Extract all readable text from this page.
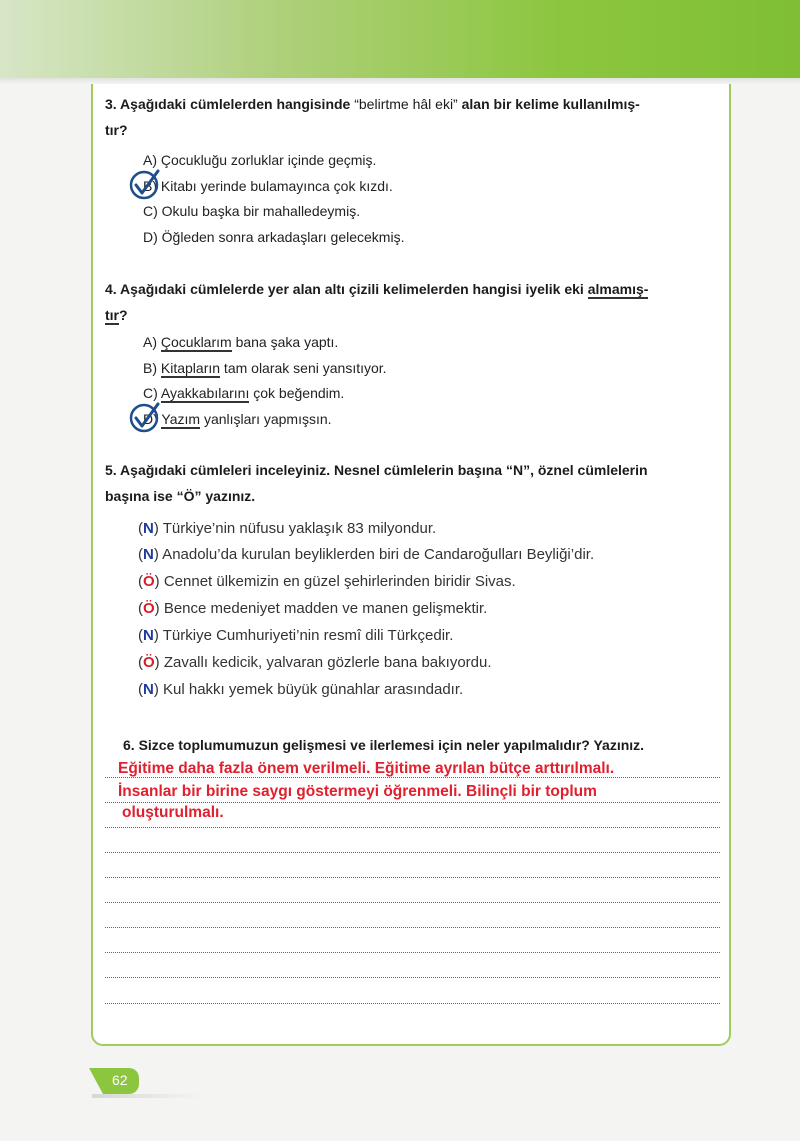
3. Aşağıdaki cümlelerden hangisinde “belirtme hâl eki” alan bir kelime kullanılmış-
tır?
A) Çocukluğu zorluklar içinde geçmiş.
B) Kitabı yerinde bulamayınca çok kızdı.
C) Okulu başka bir mahalledeymiş.
D) Öğleden sonra arkadaşları gelecekmiş.
4. Aşağıdaki cümlelerde yer alan altı çizili kelimelerden hangisi iyelik eki almamış-
tır?
A) Çocuklarım bana şaka yaptı.
B) Kitapların tam olarak seni yansıtıyor.
C) Ayakkabılarını çok beğendim.
D) Yazım yanlışları yapmışsın.
5. Aşağıdaki cümleleri inceleyiniz. Nesnel cümlelerin başına “N”, öznel cümlelerin
başına ise “Ö” yazınız.
(N) Türkiye’nin nüfusu yaklaşık 83 milyondur.
(N) Anadolu’da kurulan beyliklerden biri de Candaroğulları Beyliği’dir.
(Ö) Cennet ülkemizin en güzel şehirlerinden biridir Sivas.
(Ö) Bence medeniyet madden ve manen gelişmektir.
(N) Türkiye Cumhuriyeti’nin resmî dili Türkçedir.
(Ö) Zavallı kedicik, yalvaran gözlerle bana bakıyordu.
(N) Kul hakkı yemek büyük günahlar arasındadır.
6. Sizce toplumumuzun gelişmesi ve ilerlemesi için neler yapılmalıdır? Yazınız.
Eğitime daha fazla önem verilmeli. Eğitime ayrılan bütçe arttırılmalı.
İnsanlar bir birine saygı göstermeyi öğrenmeli. Bilinçli bir toplum
oluşturulmalı.
62
